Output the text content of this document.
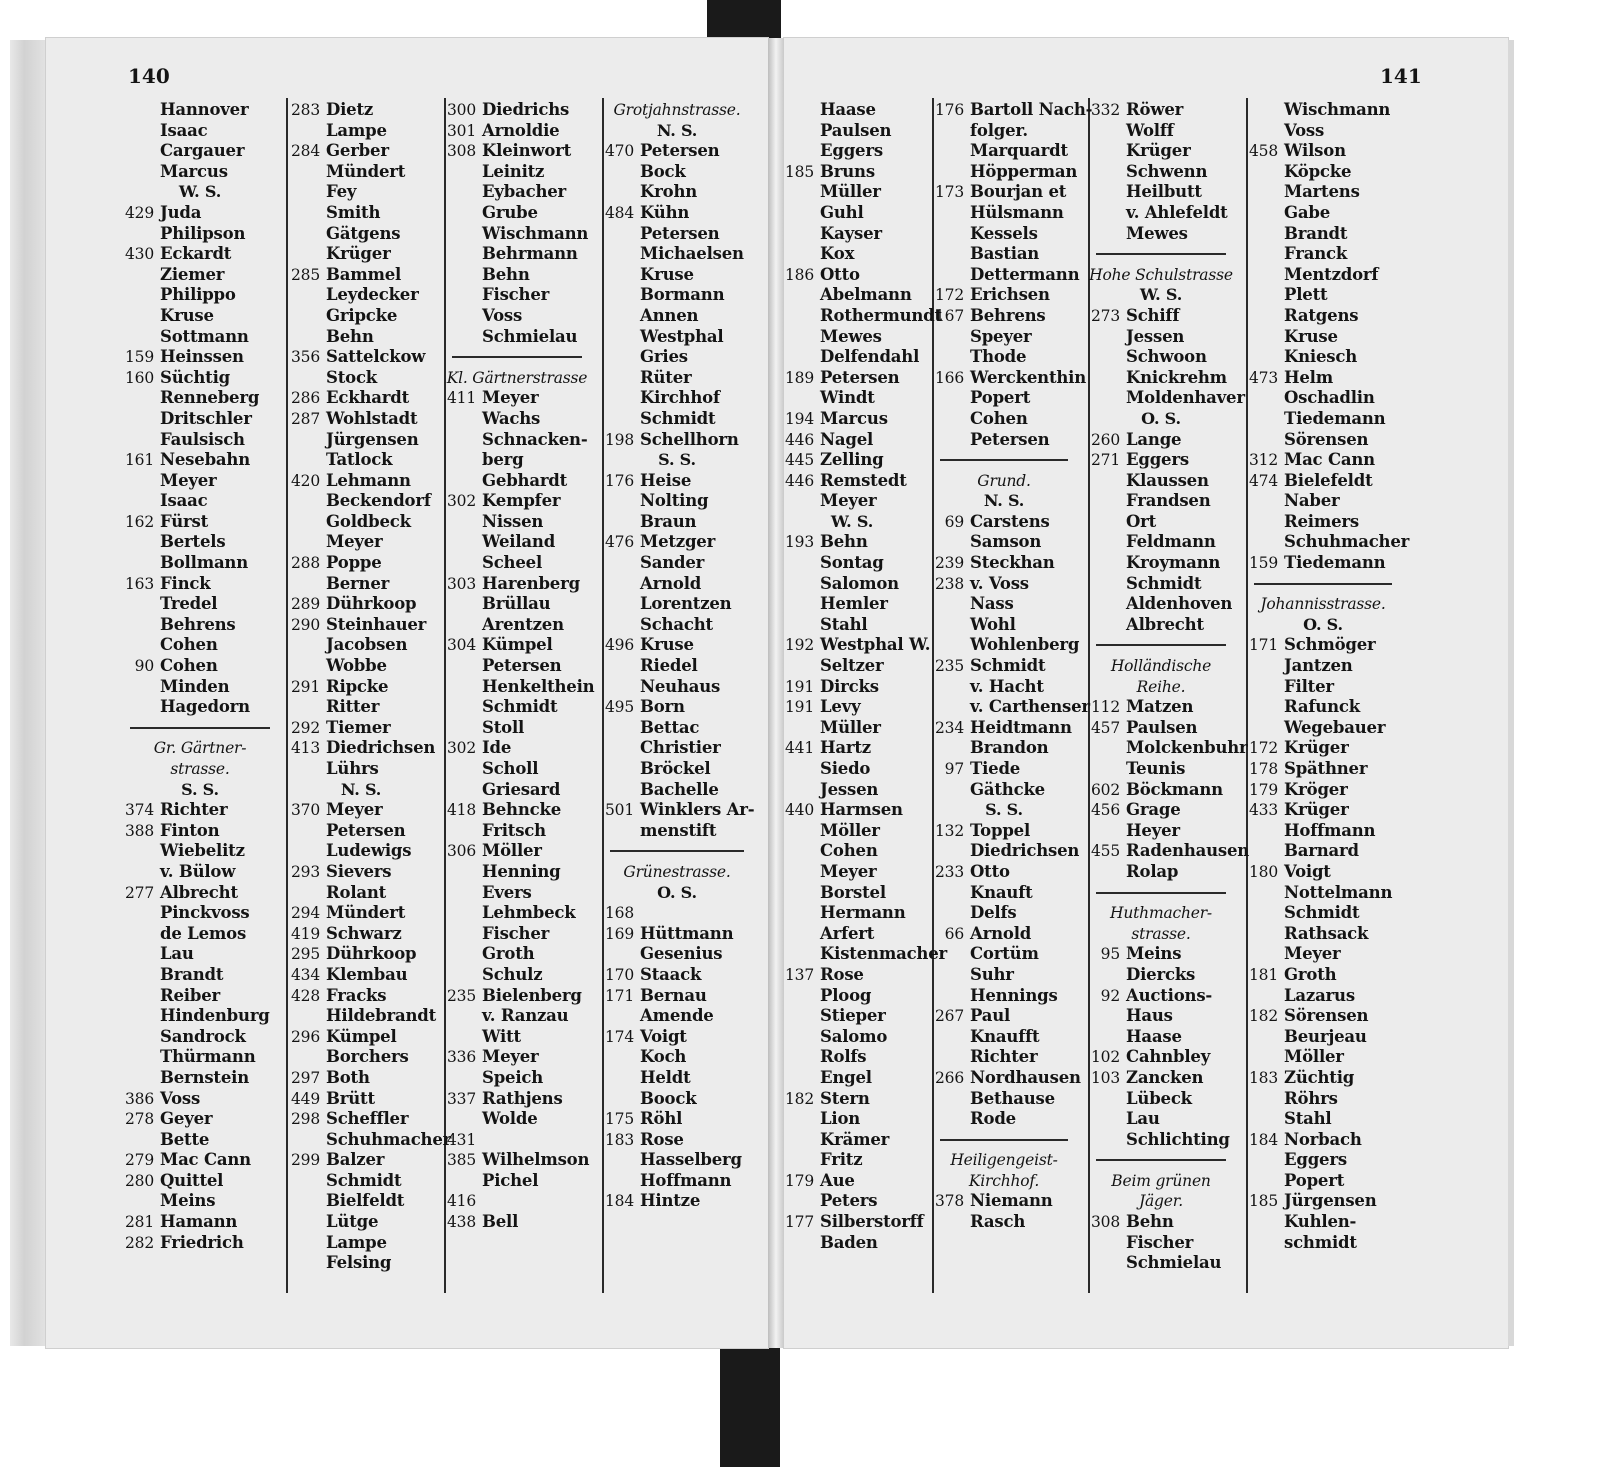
140	141
Hannover
Isaac
Cargauer
Marcus
W. S.
429 Juda
Philipson
430 Eckardt
Ziemer
Philippo
Kruse
Sottmann
159 Heinssen
160 Süchtig
Renneberg
Dritschler
Faulsisch
161 Nesebahn
Meyer
Isaac
162 Fürst
Bertels
Bollmann
163 Finck
Tredel
Behrens
Cohen
90 Cohen
Minden
Hagedorn
Gr. Gärtner-
strasse.
S. S.
374 Richter
388 Finton
Wiebelitz
v. Bülow
277 Albrecht
Pinckvoss
de Lemos
Lau
Brandt
Reiber
Hindenburg
Sandrock
Thürmann
Bernstein
386 Voss
278 Geyer
Bette
279 Mac Cann
280 Quittel
Meins
281 Hamann
282 Friedrich
283 Dietz
Lampe
284 Gerber
Mündert
Fey
Smith
Gätgens
Krüger
285 Bammel
Leydecker
Gripcke
Behn
356 Sattelckow
Stock
286 Eckhardt
287 Wohlstadt
Jürgensen
Tatlock
420 Lehmann
Beckendorf
Goldbeck
Meyer
288 Poppe
Berner
289 Dührkoop
290 Steinhauer
Jacobsen
Wobbe
291 Ripcke
Ritter
292 Tiemer
413 Diedrichsen
Lührs
N. S.
370 Meyer
Petersen
Ludewigs
293 Sievers
Rolant
294 Mündert
419 Schwarz
295 Dührkoop
434 Klembau
428 Fracks
Hildebrandt
296 Kümpel
Borchers
297 Both
449 Brütt
298 Scheffler
Schuhmacher
299 Balzer
Schmidt
Bielfeldt
Lütge
Lampe
Felsing
300 Diedrichs
301 Arnoldie
308 Kleinwort
Leinitz
Eybacher
Grube
Wischmann
Behrmann
Behn
Fischer
Voss
Schmielau
Kl. Gärtnerstrasse
411 Meyer
Wachs
Schnacken-
berg
Gebhardt
302 Kempfer
Nissen
Weiland
Scheel
303 Harenberg
Brüllau
Arentzen
304 Kümpel
Petersen
Henkelthein
Schmidt
Stoll
302 Ide
Scholl
Griesard
418 Behncke
Fritsch
306 Möller
Henning
Evers
Lehmbeck
Fischer
Groth
Schulz
235 Bielenberg
v. Ranzau
Witt
336 Meyer
Speich
337 Rathjens
Wolde
431
385 Wilhelmson
Pichel
416
438 Bell
Grotjahnstrasse.
N. S.
470 Petersen
Bock
Krohn
484 Kühn
Petersen
Michaelsen
Kruse
Bormann
Annen
Westphal
Gries
Rüter
Kirchhof
Schmidt
198 Schellhorn
S. S.
176 Heise
Nolting
Braun
476 Metzger
Sander
Arnold
Lorentzen
Schacht
496 Kruse
Riedel
Neuhaus
495 Born
Bettac
Christier
Bröckel
Bachelle
501 Winklers Ar-
menstift
Grünestrasse.
O. S.
168
169 Hüttmann
Gesenius
170 Staack
171 Bernau
Amende
174 Voigt
Koch
Heldt
Boock
175 Röhl
183 Rose
Hasselberg
Hoffmann
184 Hintze
Haase
Paulsen
Eggers
185 Bruns
Müller
Guhl
Kayser
Kox
186 Otto
Abelmann
Rothermundt
Mewes
Delfendahl
189 Petersen
Windt
194 Marcus
446 Nagel
445 Zelling
446 Remstedt
Meyer
W. S.
193 Behn
Sontag
Salomon
Hemler
Stahl
192 Westphal W.
Seltzer
191 Dircks
191 Levy
Müller
441 Hartz
Siedo
Jessen
440 Harmsen
Möller
Cohen
Meyer
Borstel
Hermann
Arfert
Kistenmacher
137 Rose
Ploog
Stieper
Salomo
Rolfs
Engel
182 Stern
Lion
Krämer
Fritz
179 Aue
Peters
177 Silberstorff
Baden
176 Bartoll Nach-
folger.
Marquardt
Höpperman
173 Bourjan et
Hülsmann
Kessels
Bastian
Dettermann
172 Erichsen
167 Behrens
Speyer
Thode
166 Werckenthin
Popert
Cohen
Petersen
Grund.
N. S.
69 Carstens
Samson
239 Steckhan
238 v. Voss
Nass
Wohl
Wohlenberg
235 Schmidt
v. Hacht
v. Carthenser
234 Heidtmann
Brandon
97 Tiede
Gäthcke
S. S.
132 Toppel
Diedrichsen
233 Otto
Knauft
Delfs
66 Arnold
Cortüm
Suhr
Hennings
267 Paul
Knaufft
Richter
266 Nordhausen
Bethause
Rode
Heiligengeist-
Kirchhof.
378 Niemann
Rasch
332 Röwer
Wolff
Krüger
Schwenn
Heilbutt
v. Ahlefeldt
Mewes
Hohe Schulstrasse
W. S.
273 Schiff
Jessen
Schwoon
Knickrehm
Moldenhaver
O. S.
260 Lange
271 Eggers
Klaussen
Frandsen
Ort
Feldmann
Kroymann
Schmidt
Aldenhoven
Albrecht
Holländische
Reihe.
112 Matzen
457 Paulsen
Molckenbuhr
Teunis
602 Böckmann
456 Grage
Heyer
455 Radenhausen
Rolap
Huthmacher-
strasse.
95 Meins
Diercks
92 Auctions-
Haus
Haase
102 Cahnbley
103 Zancken
Lübeck
Lau
Schlichting
Beim grünen
Jäger.
308 Behn
Fischer
Schmielau
Wischmann
Voss
458 Wilson
Köpcke
Martens
Gabe
Brandt
Franck
Mentzdorf
Plett
Ratgens
Kruse
Kniesch
473 Helm
Oschadlin
Tiedemann
Sörensen
312 Mac Cann
474 Bielefeldt
Naber
Reimers
Schuhmacher
159 Tiedemann
Johannisstrasse.
O. S.
171 Schmöger
Jantzen
Filter
Rafunck
Wegebauer
172 Krüger
178 Späthner
179 Kröger
433 Krüger
Hoffmann
Barnard
180 Voigt
Nottelmann
Schmidt
Rathsack
Meyer
181 Groth
Lazarus
182 Sörensen
Beurjeau
Möller
183 Züchtig
Röhrs
Stahl
184 Norbach
Eggers
Popert
185 Jürgensen
Kuhlen-
schmidt
